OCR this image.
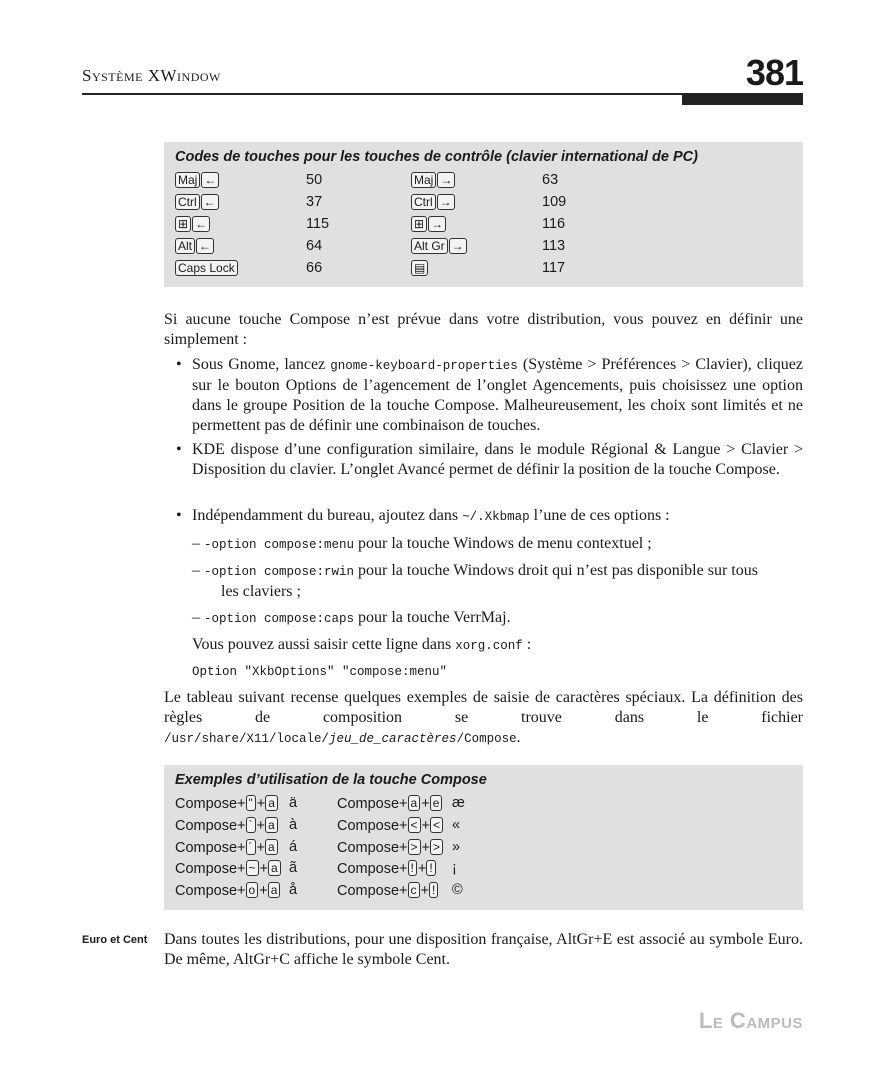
Système XWindow	381
Codes de touches pour les touches de contrôle (clavier international de PC)
Maj ←	50	Maj →	63
Ctrl ←	37	Ctrl →	109
⊞ ←	115	⊞ →	116
Alt ←	64	Alt Gr →	113
Caps Lock	66	▤	117
Si aucune touche Compose n’est prévue dans votre distribution, vous pouvez en définir une simplement :
• Sous Gnome, lancez gnome-keyboard-properties (Système > Préférences > Clavier), cliquez sur le bouton Options de l’agencement de l’onglet Agencements, puis choisissez une option dans le groupe Position de la touche Compose. Malheureusement, les choix sont limités et ne permettent pas de définir une combinaison de touches.
• KDE dispose d’une configuration similaire, dans le module Régional & Langue > Clavier > Disposition du clavier. L’onglet Avancé permet de définir la position de la touche Compose.
• Indépendamment du bureau, ajoutez dans ~/.Xkbmap l’une de ces options :
– -option compose:menu pour la touche Windows de menu contextuel ;
– -option compose:rwin pour la touche Windows droit qui n’est pas disponible sur tous
les claviers ;
– -option compose:caps pour la touche VerrMaj.
Vous pouvez aussi saisir cette ligne dans xorg.conf :
Option "XkbOptions" "compose:menu"
Le tableau suivant recense quelques exemples de saisie de caractères spéciaux. La définition des règles de composition se trouve dans le fichier /usr/share/X11/locale/jeu_de_caractères/Compose.
Exemples d’utilisation de la touche Compose
Compose+ " + a ä	Compose+ a + e æ
Compose+ ` + a à	Compose+ < + < «
Compose+ ´ + a á	Compose+ > + > »
Compose+ ~ + a ã	Compose+ ! + ! ¡
Compose+ o + a å	Compose+ c + ! ©
Euro et Cent Dans toutes les distributions, pour une disposition française, AltGr+E est associé au symbole Euro. De même, AltGr+C affiche le symbole Cent.
Le Campus
